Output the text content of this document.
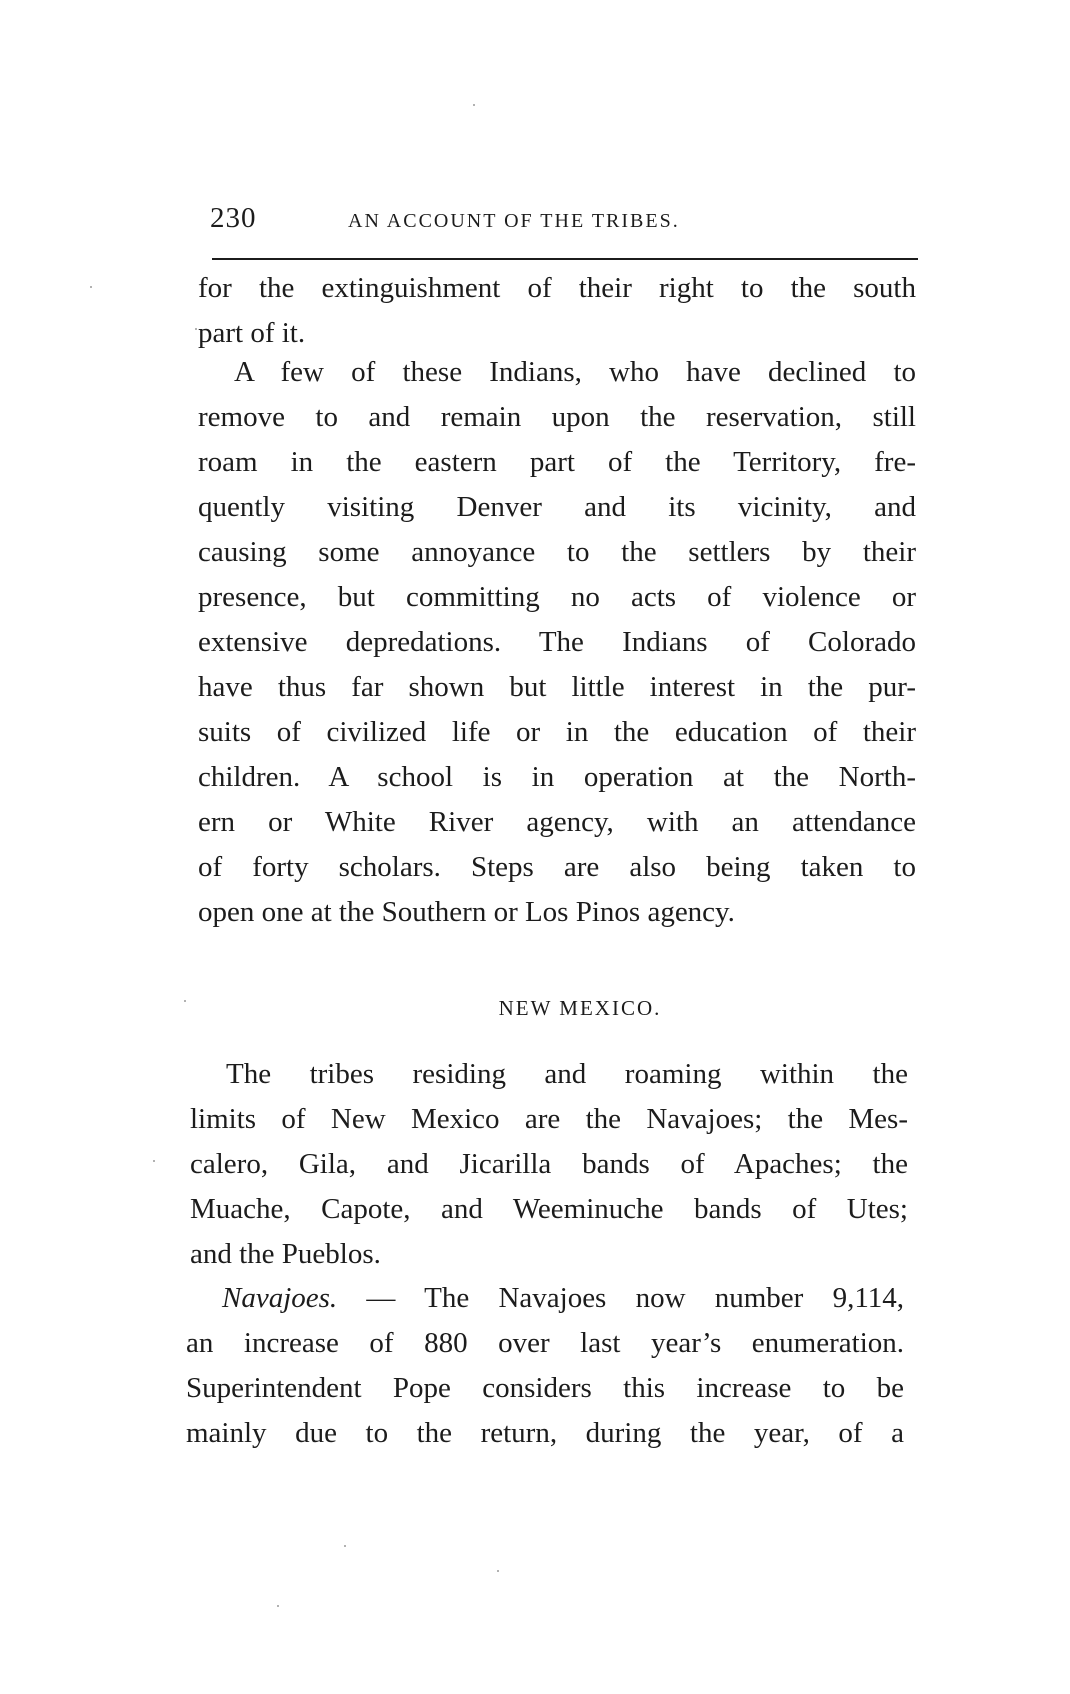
230	AN ACCOUNT OF THE TRIBES.
for the extinguishment of their right to the south
part of it.
A few of these Indians, who have declined to
remove to and remain upon the reservation, still
roam in the eastern part of the Territory, fre-
quently visiting Denver and its vicinity, and
causing some annoyance to the settlers by their
presence, but committing no acts of violence or
extensive depredations. The Indians of Colorado
have thus far shown but little interest in the pur-
suits of civilized life or in the education of their
children. A school is in operation at the North-
ern or White River agency, with an attendance
of forty scholars. Steps are also being taken to
open one at the Southern or Los Pinos agency.
NEW MEXICO.
The tribes residing and roaming within the
limits of New Mexico are the Navajoes; the Mes-
calero, Gila, and Jicarilla bands of Apaches; the
Muache, Capote, and Weeminuche bands of Utes;
and the Pueblos.
Navajoes. — The Navajoes now number 9,114,
an increase of 880 over last year’s enumeration.
Superintendent Pope considers this increase to be
mainly due to the return, during the year, of a
